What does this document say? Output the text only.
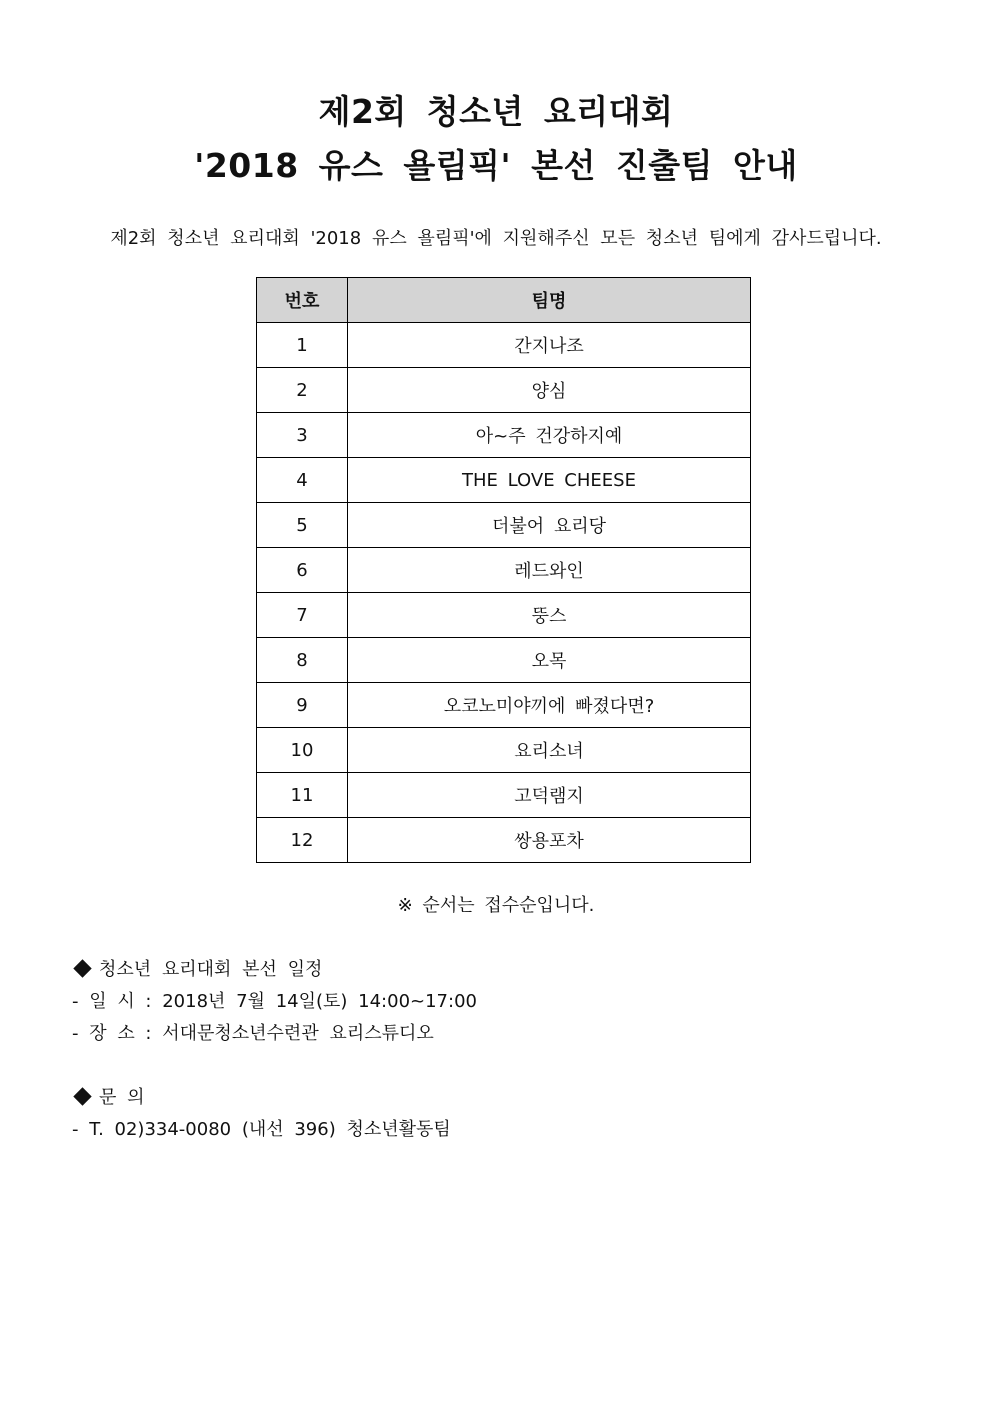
제2회 청소년 요리대회
'2018 유스 욜림픽' 본선 진출팀 안내
제2회 청소년 요리대회 '2018 유스 욜림픽'에 지원해주신 모든 청소년 팀에게 감사드립니다.
번호	팀명
1	간지나조
2	양심
3	아~주 건강하지예
4	THE LOVE CHEESE
5	더불어 요리당
6	레드와인
7	뚱스
8	오목
9	오코노미야끼에 빠졌다면?
10	요리소녀
11	고덕램지
12	쌍용포차
※ 순서는 접수순입니다.
청소년 요리대회 본선 일정
- 일 시 : 2018년 7월 14일(토) 14:00~17:00
- 장 소 : 서대문청소년수련관 요리스튜디오
문 의
- T. 02)334-0080 (내선 396) 청소년활동팀
